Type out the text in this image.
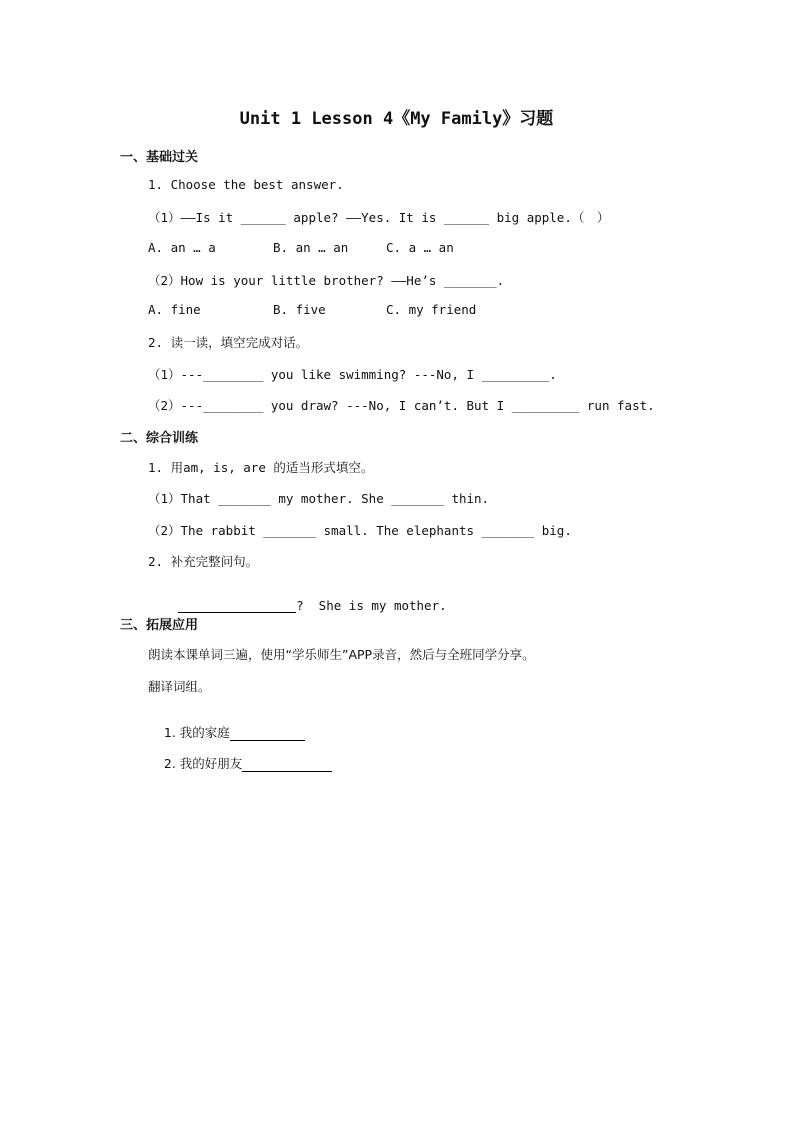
Unit 1 Lesson 4《My Family》习题
一、基础过关
1. Choose the best answer.
（1）——Is it ______ apple? ——Yes. It is ______ big apple.（　）
A. an … a	B. an … an	C. a … an
（2）How is your little brother? ——He’s _______.
A. fine	B. five	C. my friend
2. 读一读，填空完成对话。
（1）---________ you like swimming? ---No, I _________.
（2）---________ you draw? ---No, I can’t. But I _________ run fast.
二、综合训练
1. 用am, is, are 的适当形式填空。
（1）That _______ my mother. She _______ thin.
（2）The rabbit _______ small. The elephants _______ big.
2. 补充完整问句。

?  She is my mother.

三、拓展应用
朗读本课单词三遍，使用“学乐师生”APP录音，然后与全班同学分享。
翻译词组。

1. 我的家庭

2. 我的好朋友
